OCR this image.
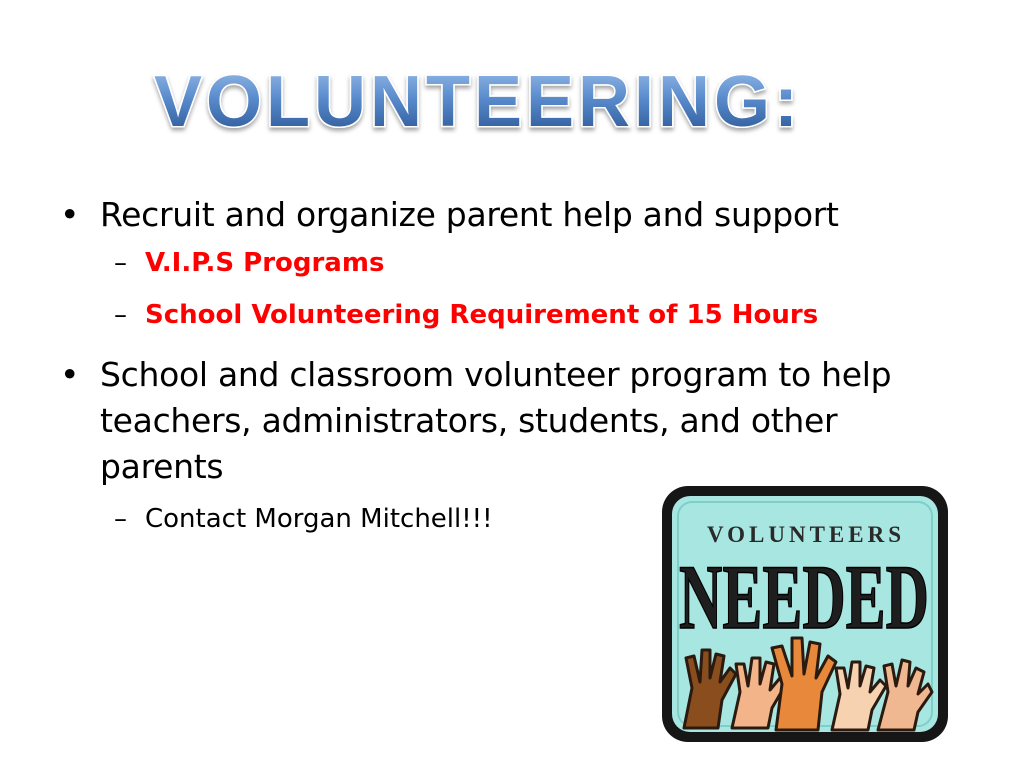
VOLUNTEERING:
• Recruit and organize parent help and support
– V.I.P.S Programs
– School Volunteering Requirement of 15 Hours
• School and classroom volunteer program to help teachers, administrators, students, and other parents
– Contact Morgan Mitchell!!!
VOLUNTEERS
NEEDED
